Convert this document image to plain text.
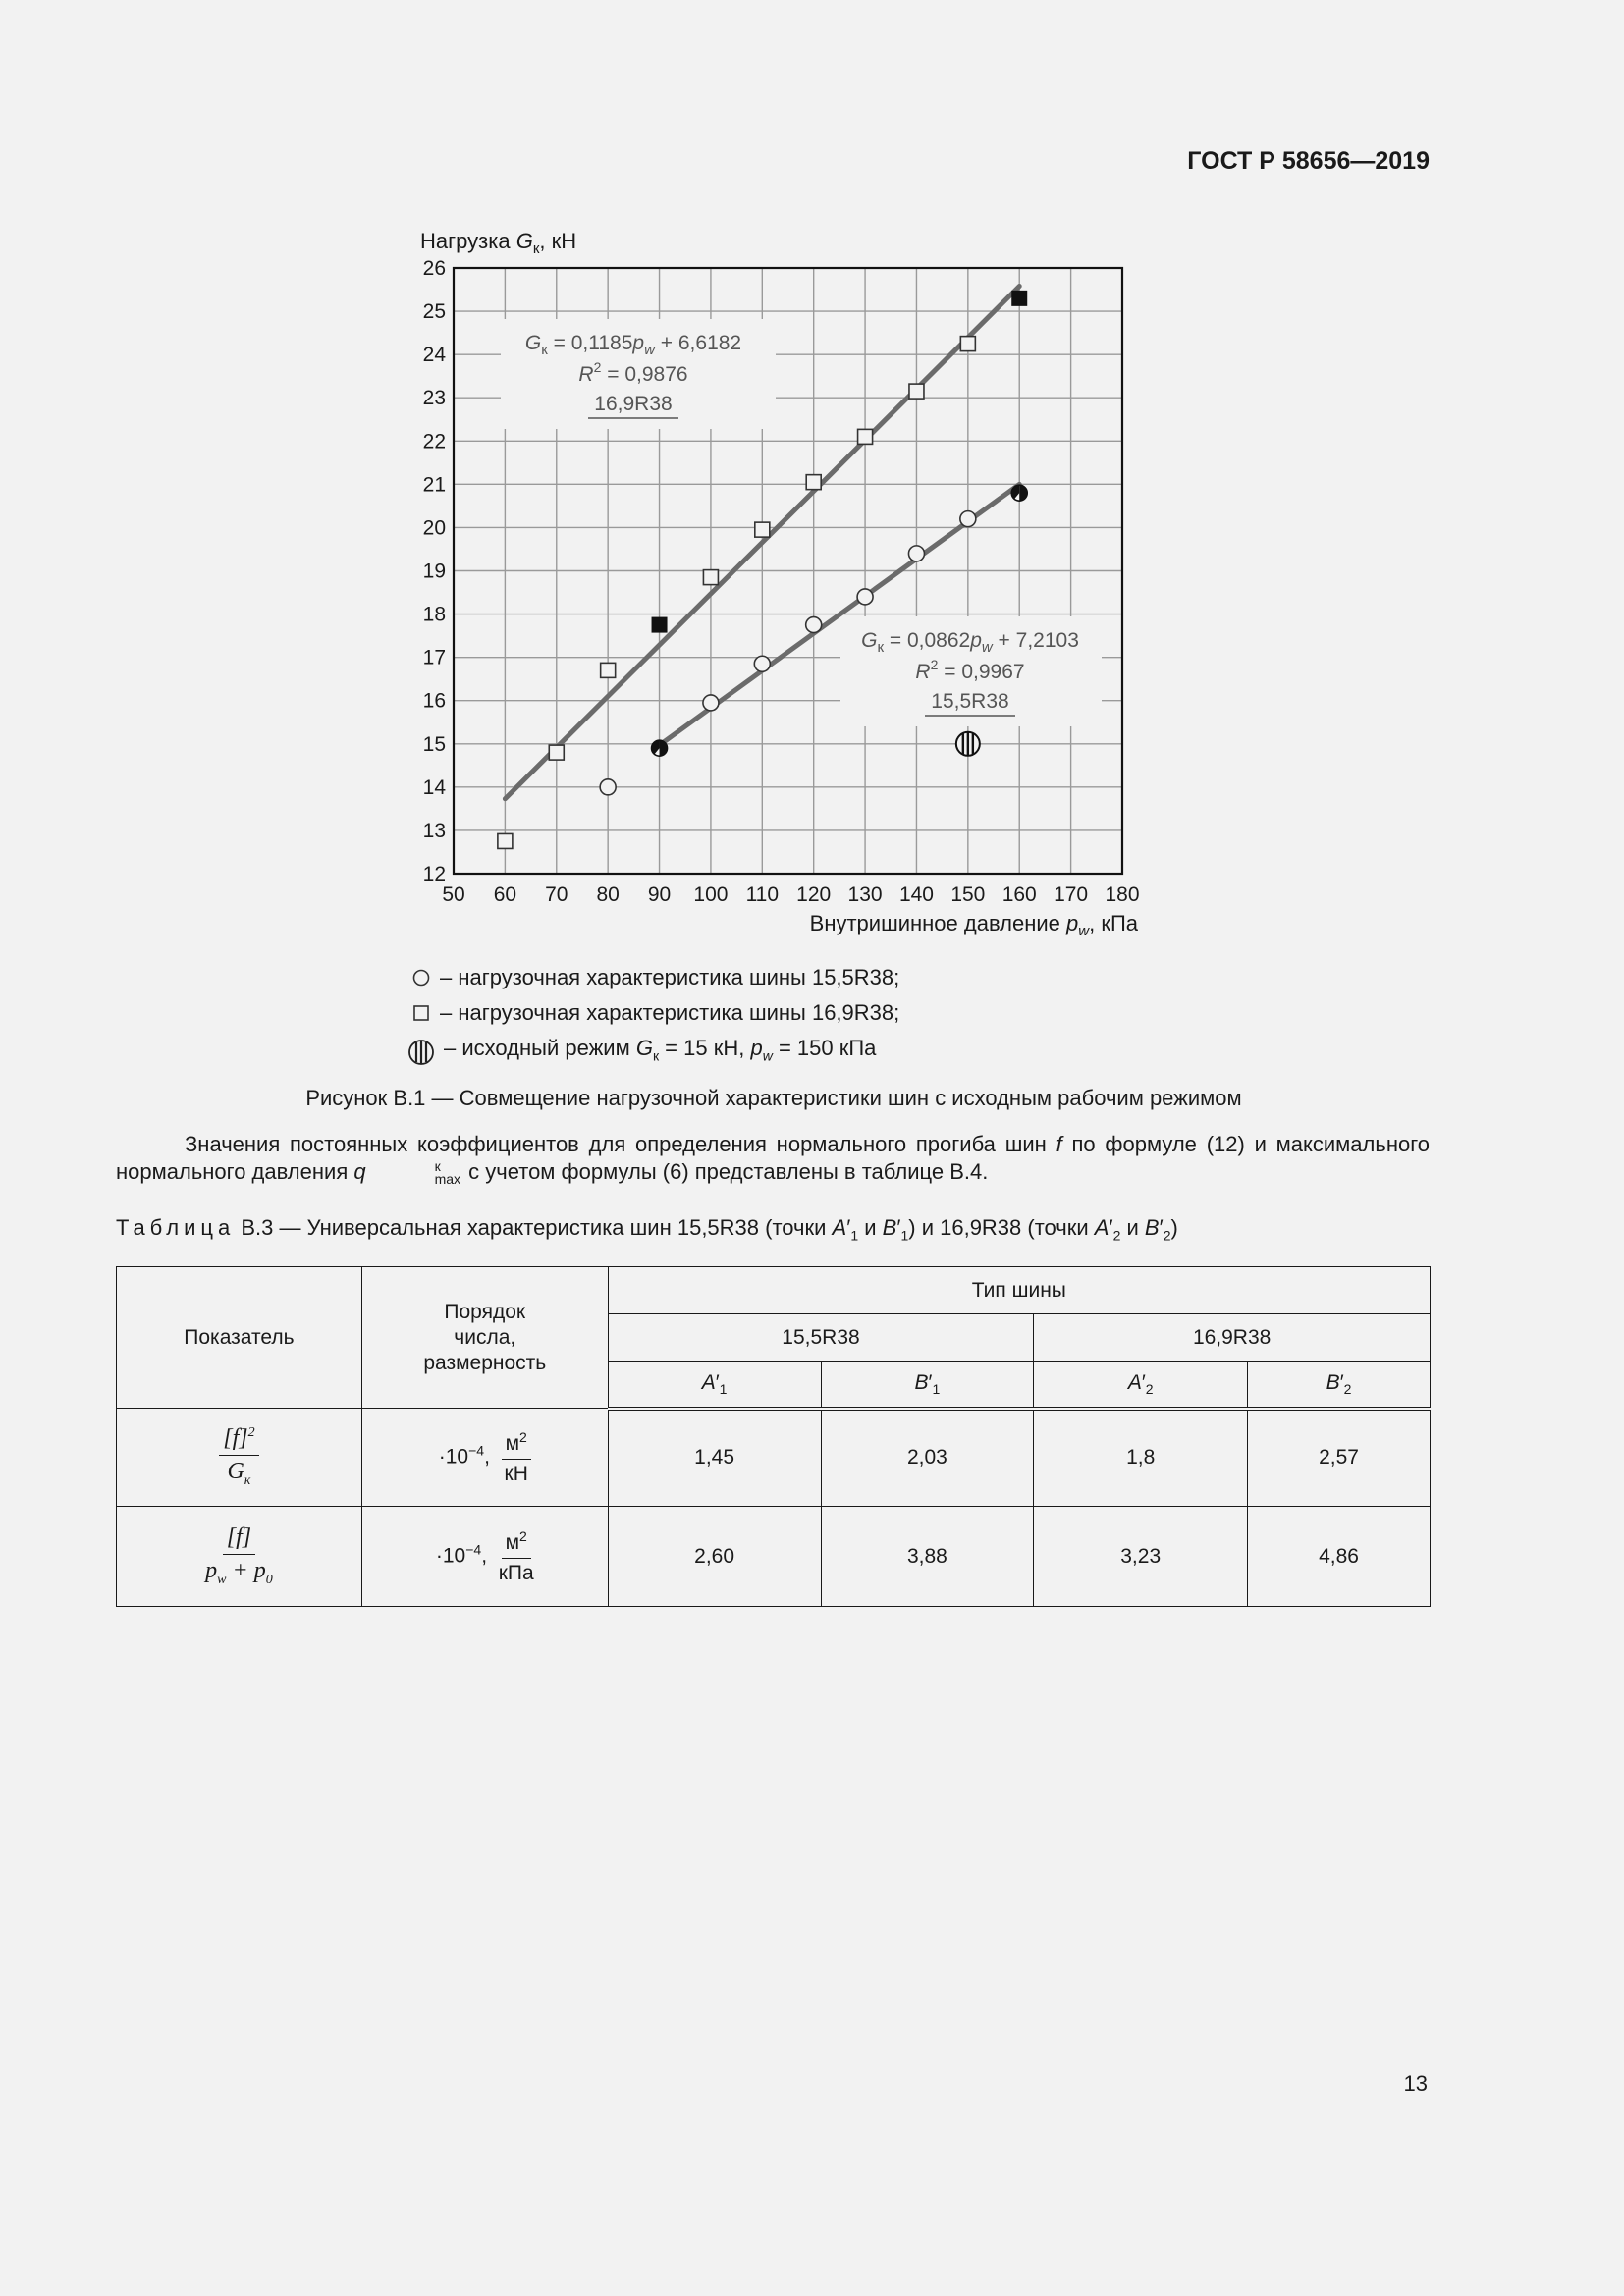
ГОСТ Р 58656—2019
$G_к = 0,1185p_w + 6,6182$
$R^2 = 0,9876$
16,9R38
$G_к = 0,0862p_w + 7,2103$
$R^2 = 0,9967$
15,5R38
50 60 70 80 90 100 110 120 130 140 150 160 170 180
12
13
14
15
16
17
18
19
20
21
22
23
24
25
26
Нагрузка $G_к$, кН
Внутришинное давление $p_w$, кПа
– нагрузочная характеристика шины 15,5R38;
– нагрузочная характеристика шины 16,9R38;
– исходный режим $G_к = 15$ кН, $p_w = 150$ кПа
Рисунок В.1 — Совмещение нагрузочной характеристики шин с исходным рабочим режимом
Значения постоянных коэффициентов для определения нормального прогиба шин f по формуле (12) и максимального нормального давления q	к
max с учетом формулы (6) представлены в таблице В.4.
Таблица В.3 — Универсальная характеристика шин 15,5R38 (точки $A'_1$ и $B'_1$) и 16,9R38 (точки $A'_2$ и $B'_2$)
Показатель	Порядок
числа,
размерность	Тип шины			
		15,5R38		16,9R38	
		$A'_1$	$B'_1$	$A'_2$	$B'_2$

$\frac{[f]^2}{G_к}$	$\cdot 10^{-4}$, $\frac{м^2}{кН}$	1,45	2,03	1,8	2,57

$\frac{[f]}{p_w + p_0}$	$\cdot 10^{-4}$, $\frac{м^2}{\text{кПа}}$	2,60	3,88	3,23	4,86
13
